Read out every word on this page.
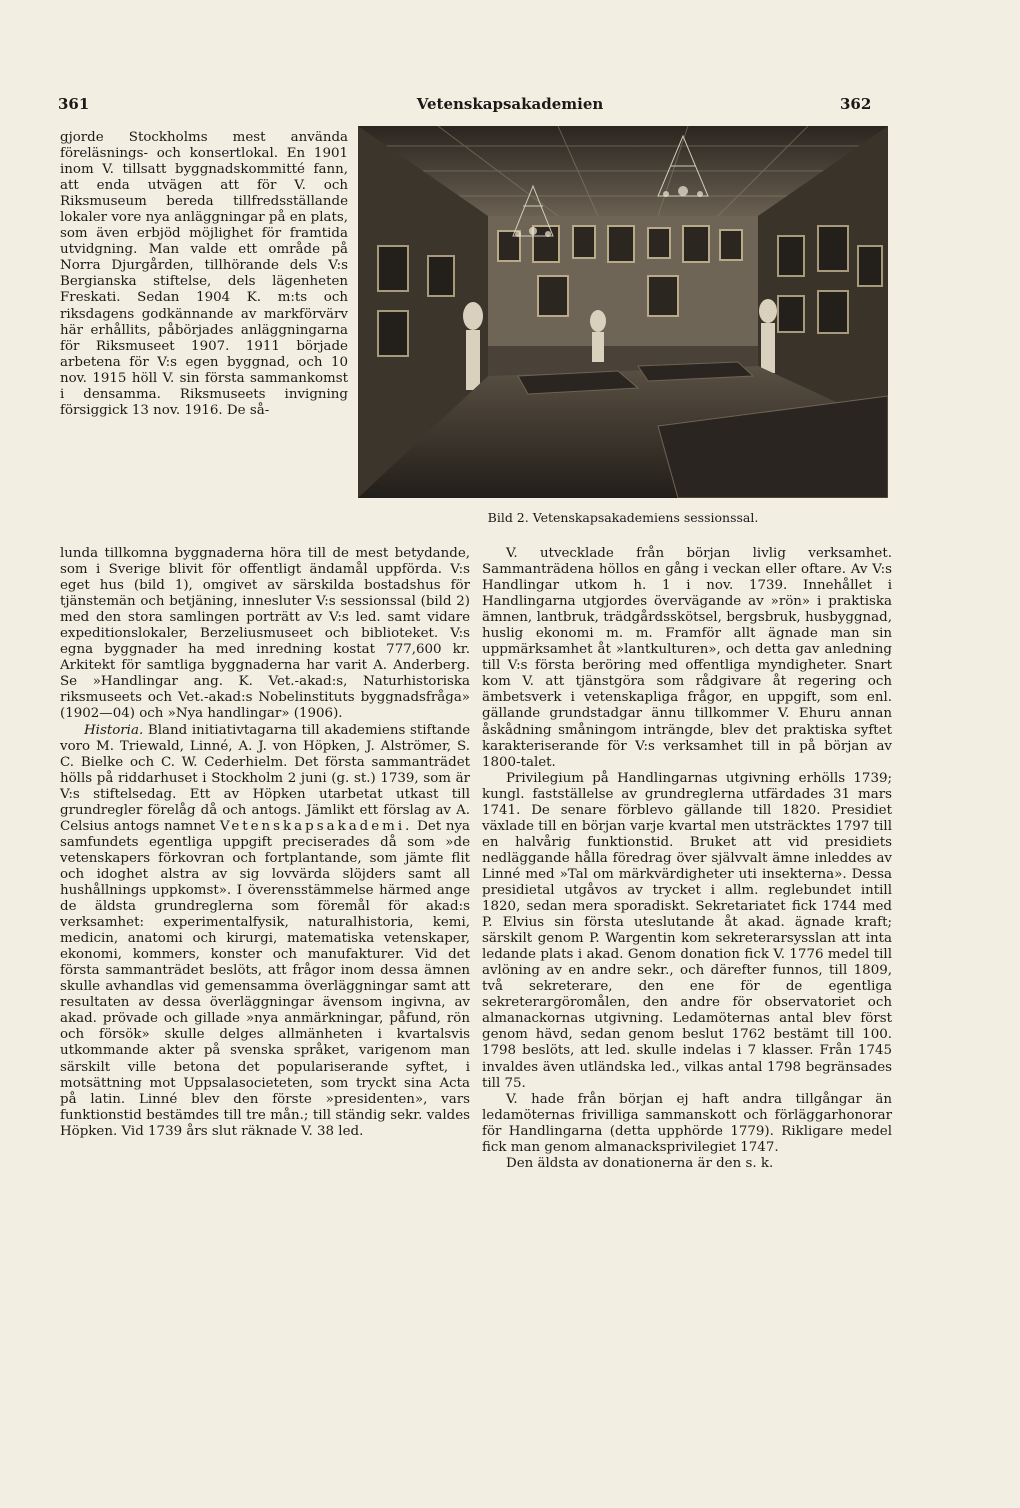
361	Vetenskapsakademien	362

gjorde Stockholms mest använda föreläsnings- och konsertlokal. En 1901 inom V. tillsatt byggnadskommitté fann, att enda utvägen att för V. och Riksmuseum bereda tillfredsställande lokaler vore nya anläggningar på en plats, som även erbjöd möjlighet för framtida utvidgning. Man valde ett område på Norra Djurgården, tillhörande dels V:s Bergianska stiftelse, dels lägenheten Freskati. Sedan 1904 K. m:ts och riksdagens godkännande av markförvärv här erhållits, påbörjades anläggningarna för Riksmuseet 1907. 1911 började arbetena för V:s egen byggnad, och 10 nov. 1915 höll V. sin första sammankomst i densamma. Riksmuseets invigning försiggick 13 nov. 1916. De så-

Bild 2. Vetenskapsakademiens sessionssal.

lunda tillkomna byggnaderna höra till de mest betydande, som i Sverige blivit för offentligt ändamål uppförda. V:s eget hus (bild 1), omgivet av särskilda bostadshus för tjänstemän och betjäning, innesluter V:s sessionssal (bild 2) med den stora samlingen porträtt av V:s led. samt vidare expeditionslokaler, Berzeliusmuseet och biblioteket. V:s egna byggnader ha med inredning kostat 777,600 kr. Arkitekt för samtliga byggnaderna har varit A. Anderberg. Se »Handlingar ang. K. Vet.-akad:s, Naturhistoriska riksmuseets och Vet.-akad:s Nobelinstituts byggnadsfråga» (1902—04) och »Nya handlingar» (1906).

Historia. Bland initiativtagarna till akademiens stiftande voro M. Triewald, Linné, A. J. von Höpken, J. Alströmer, S. C. Bielke och C. W. Cederhielm. Det första sammanträdet hölls på riddarhuset i Stockholm 2 juni (g. st.) 1739, som är V:s stiftelsedag. Ett av Höpken utarbetat utkast till grundregler förelåg då och antogs. Jämlikt ett förslag av A. Celsius antogs namnet Vetenskapsakademi. Det nya samfundets egentliga uppgift preciserades då som »de vetenskapers förkovran och fortplantande, som jämte flit och idoghet alstra av sig lovvärda slöjders samt all hushållnings uppkomst». I överensstämmelse härmed ange de äldsta grundreglerna som föremål för akad:s verksamhet: experimentalfysik, naturalhistoria, kemi, medicin, anatomi och kirurgi, matematiska vetenskaper, ekonomi, kommers, konster och manufakturer. Vid det första sammanträdet beslöts, att frågor inom dessa ämnen skulle avhandlas vid gemensamma överläggningar samt att resultaten av dessa överläggningar ävensom ingivna, av akad. prövade och gillade »nya anmärkningar, påfund, rön och försök» skulle delges allmänheten i kvartalsvis utkommande akter på svenska språket, varigenom man särskilt ville betona det populariserande syftet, i motsättning mot Uppsalasocieteten, som tryckt sina Acta på latin. Linné blev den förste »presidenten», vars funktionstid bestämdes till tre mån.; till ständig sekr. valdes Höpken. Vid 1739 års slut räknade V. 38 led.

V. utvecklade från början livlig verksamhet. Sammanträdena höllos en gång i veckan eller oftare. Av V:s Handlingar utkom h. 1 i nov. 1739. Innehållet i Handlingarna utgjordes övervägande av »rön» i praktiska ämnen, lantbruk, trädgårdsskötsel, bergsbruk, husbyggnad, huslig ekonomi m. m. Framför allt ägnade man sin uppmärksamhet åt »lantkulturen», och detta gav anledning till V:s första beröring med offentliga myndigheter. Snart kom V. att tjänstgöra som rådgivare åt regering och ämbetsverk i vetenskapliga frågor, en uppgift, som enl. gällande grundstadgar ännu tillkommer V. Ehuru annan åskådning småningom inträngde, blev det praktiska syftet karakteriserande för V:s verksamhet till in på början av 1800-talet.

Privilegium på Handlingarnas utgivning erhölls 1739; kungl. fastställelse av grundreglerna utfärdades 31 mars 1741. De senare förblevo gällande till 1820. Presidiet växlade till en början varje kvartal men utsträcktes 1797 till en halvårig funktionstid. Bruket att vid presidiets nedläggande hålla föredrag över självvalt ämne inleddes av Linné med »Tal om märkvärdigheter uti insekterna». Dessa presidietal utgåvos av trycket i allm. reglebundet intill 1820, sedan mera sporadiskt. Sekretariatet fick 1744 med P. Elvius sin första uteslutande åt akad. ägnade kraft; särskilt genom P. Wargentin kom sekreterarsysslan att inta ledande plats i akad. Genom donation fick V. 1776 medel till avlöning av en andre sekr., och därefter funnos, till 1809, två sekreterare, den ene för de egentliga sekreterargöromålen, den andre för observatoriet och almanackornas utgivning. Ledamöternas antal blev först genom hävd, sedan genom beslut 1762 bestämt till 100. 1798 beslöts, att led. skulle indelas i 7 klasser. Från 1745 invaldes även utländska led., vilkas antal 1798 begränsades till 75.

V. hade från början ej haft andra tillgångar än ledamöternas frivilliga sammanskott och förläggarhonorar för Handlingarna (detta upphörde 1779). Rikligare medel fick man genom almanacksprivilegiet 1747.

Den äldsta av donationerna är den s. k.
